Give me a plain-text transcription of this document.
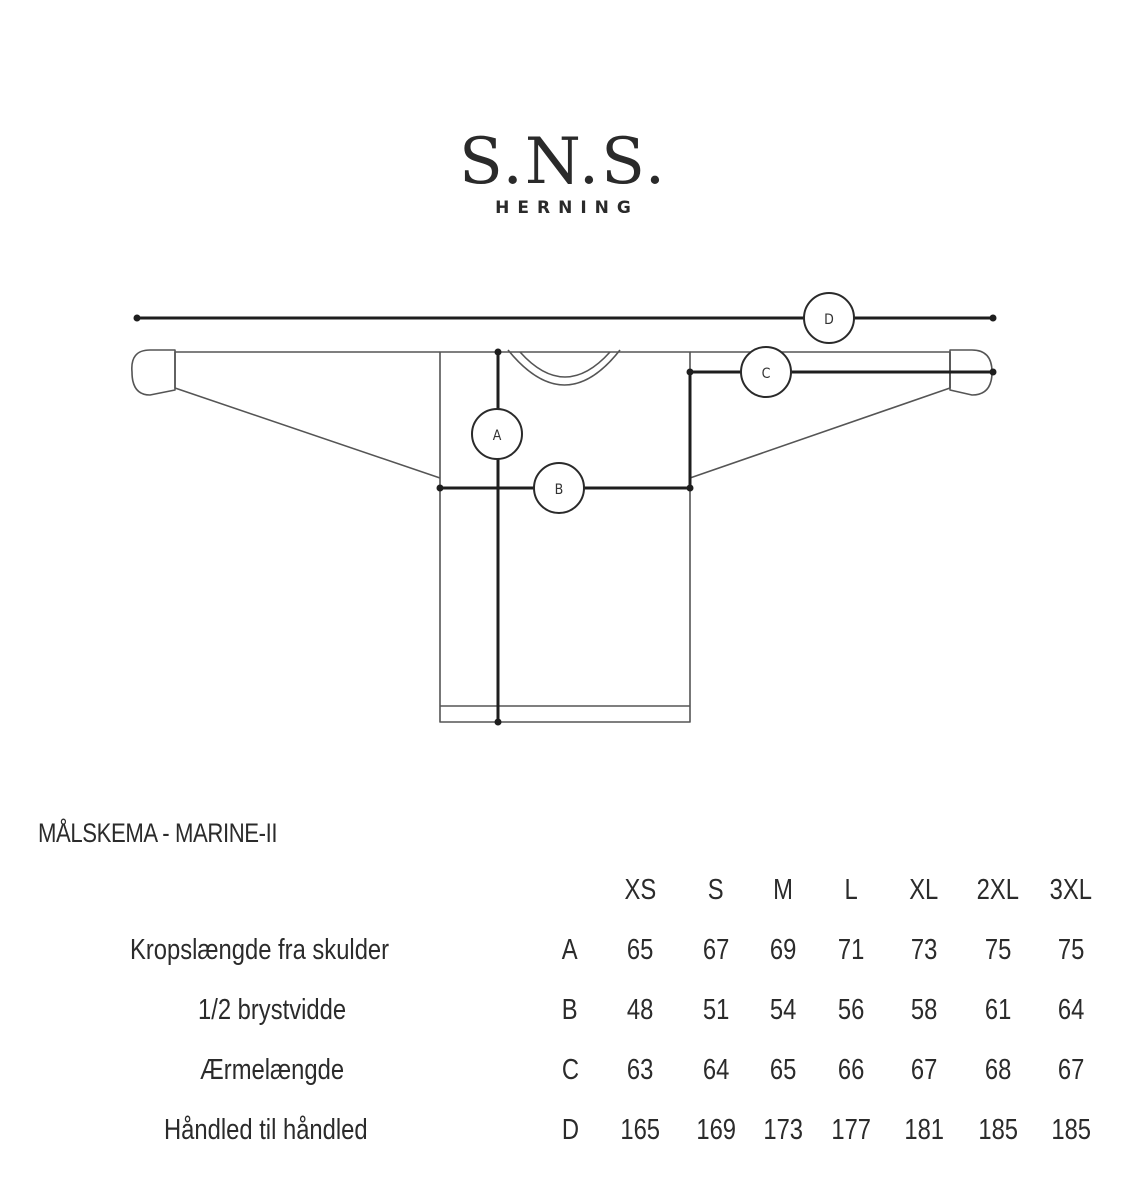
S.N.S.
HERNING
D
C
A
B
MÅLSKEMA - MARINE-II
		XS	S	M	L	XL	2XL	3XL
Kropslængde fra skulder	A	65	67	69	71	73	75	75
1/2 brystvidde	B	48	51	54	56	58	61	64
Ærmelængde	C	63	64	65	66	67	68	67
Håndled til håndled	D	165	169	173	177	181	185	185
